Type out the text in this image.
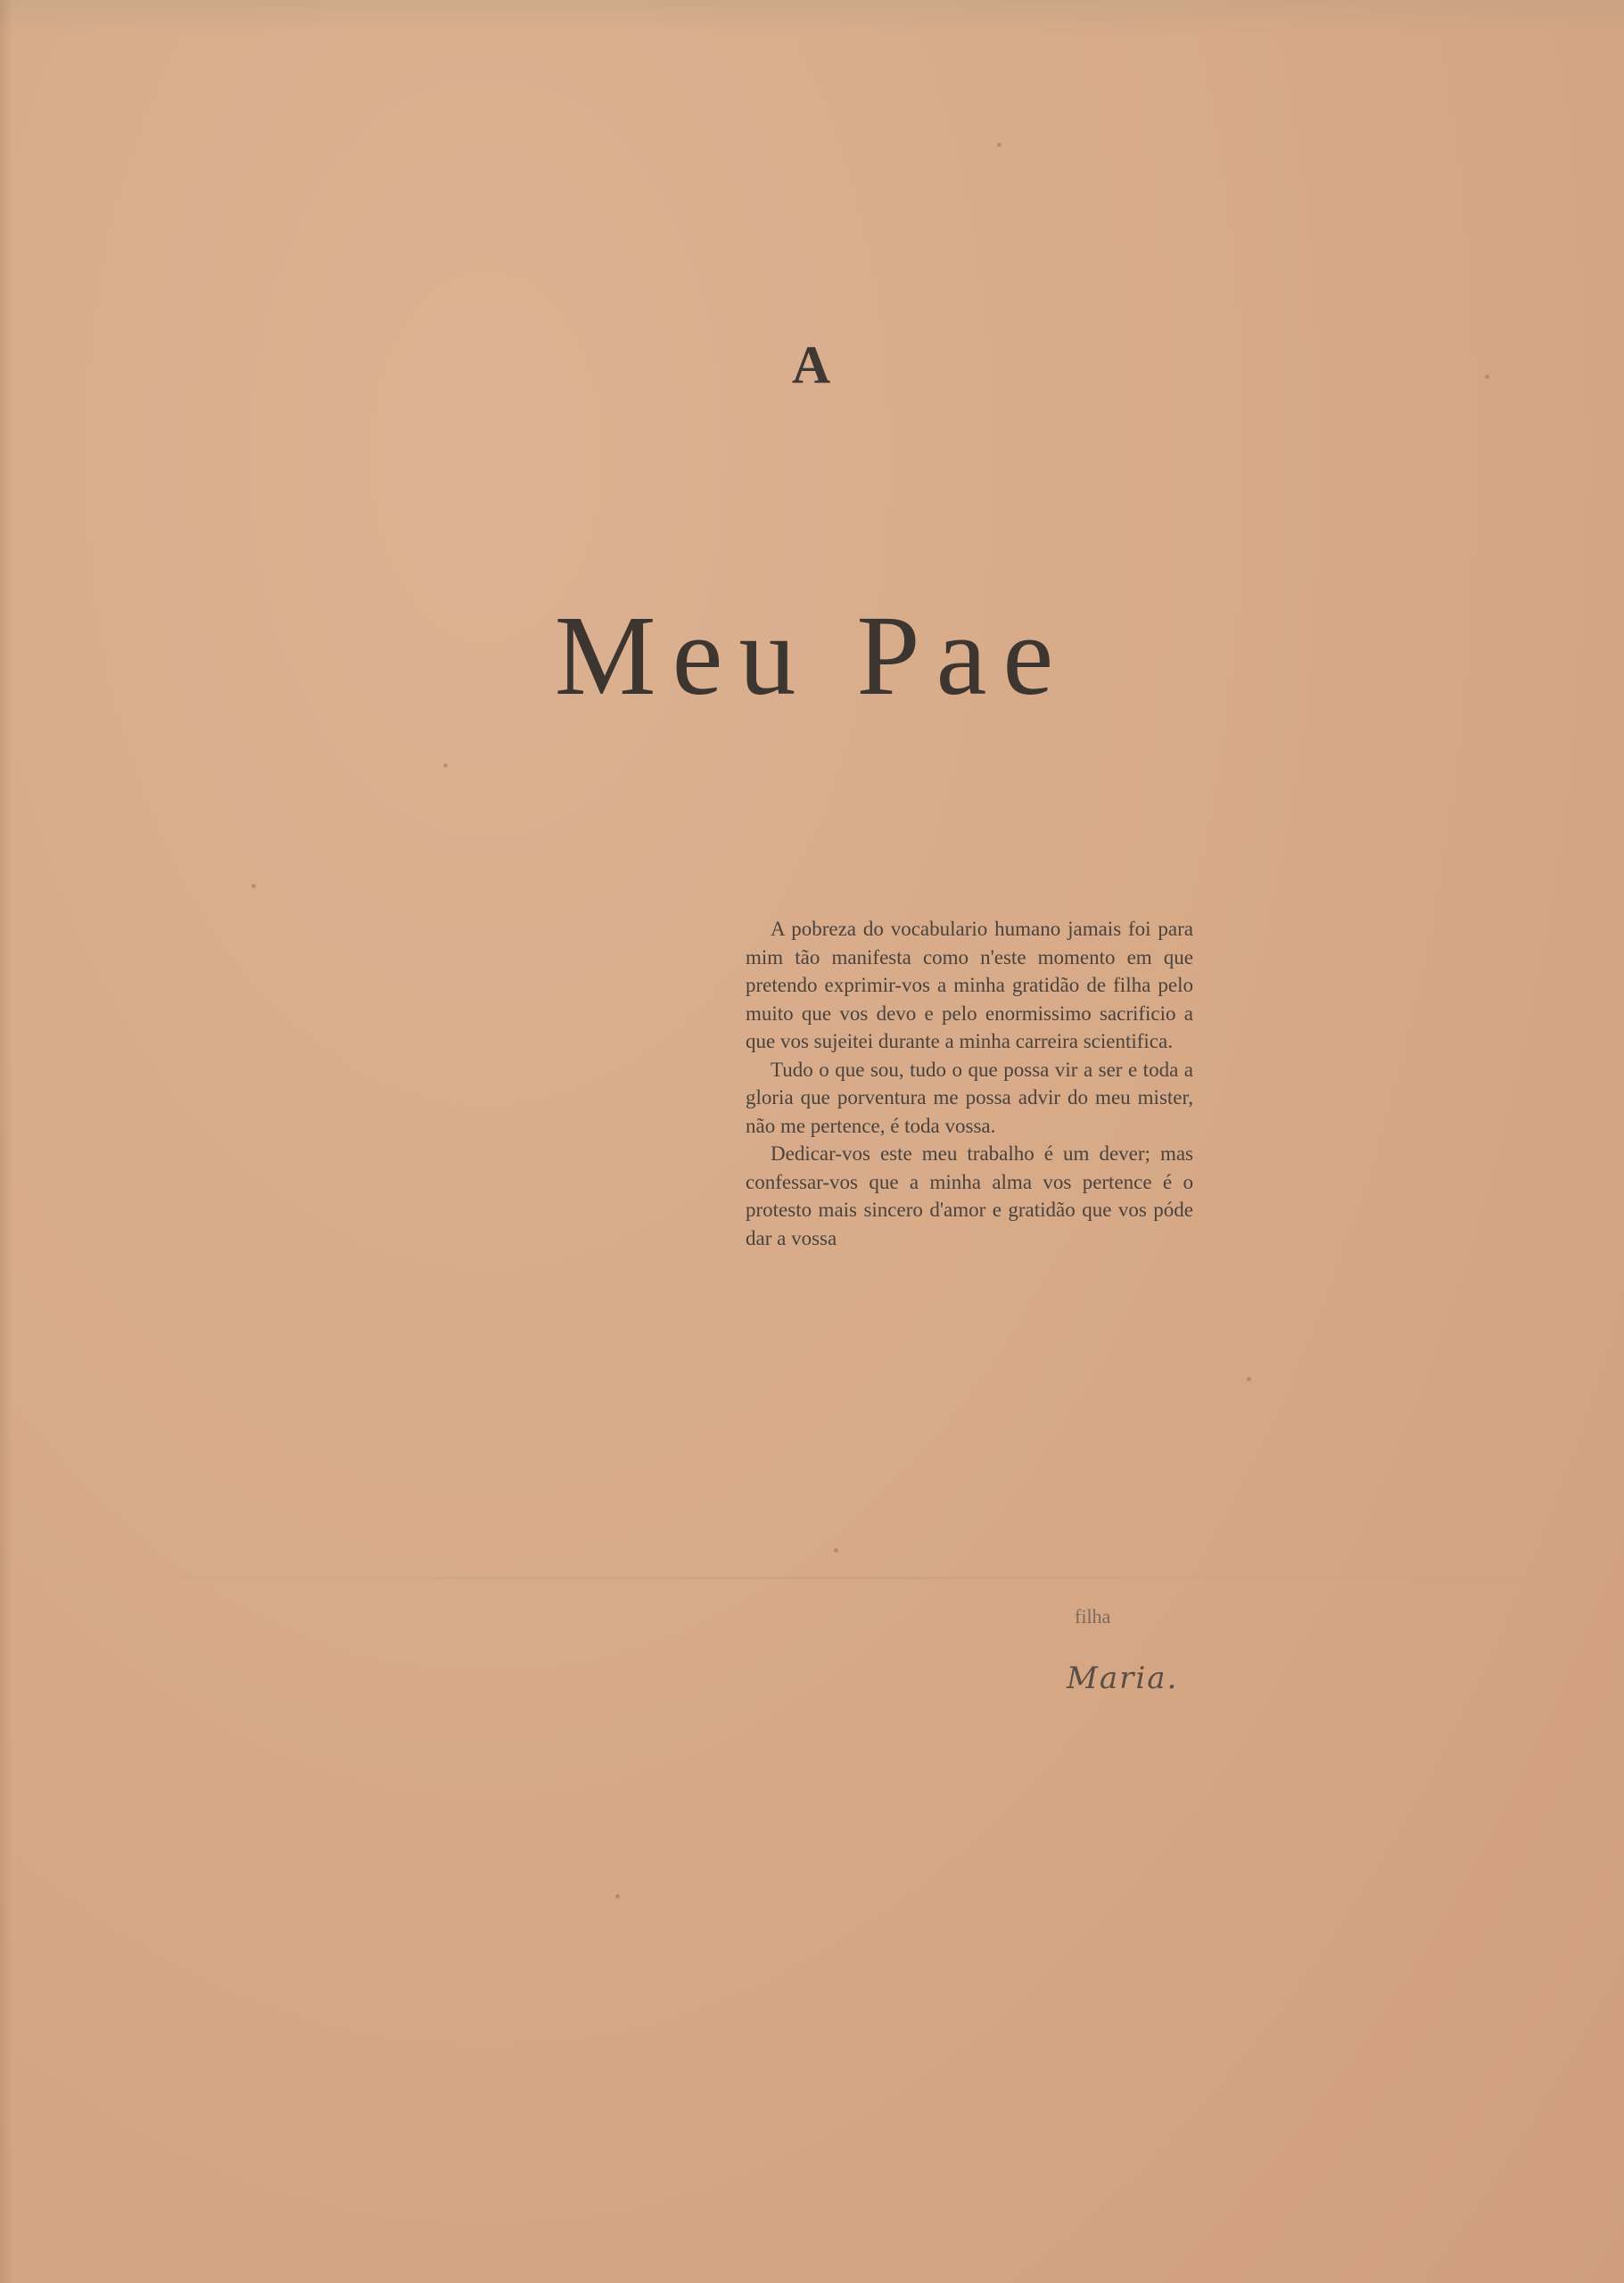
A
Meu Pae

A pobreza do vocabulario humano jamais foi para mim tão manifesta como n'este momento em que pretendo exprimir-vos a minha gratidão de filha pelo muito que vos devo e pelo enormissimo sacrificio a que vos sujeitei durante a minha carreira scientifica.

Tudo o que sou, tudo o que possa vir a ser e toda a gloria que porventura me possa advir do meu mister, não me pertence, é toda vossa.

Dedicar-vos este meu trabalho é um dever; mas confessar-vos que a minha alma vos pertence é o protesto mais sincero d'amor e gratidão que vos póde dar a vossa

filha
Maria.
